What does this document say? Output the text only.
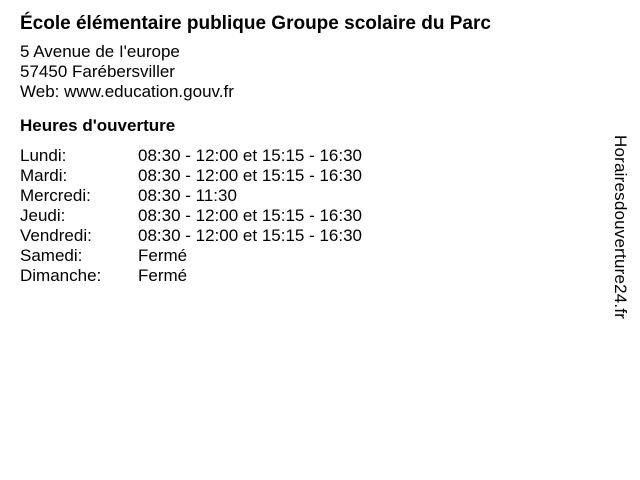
École élémentaire publique Groupe scolaire du Parc
5 Avenue de I'europe
57450 Farébersviller
Web: www.education.gouv.fr
Heures d'ouverture
Lundi:	08:30 - 12:00 et 15:15 - 16:30
Mardi:	08:30 - 12:00 et 15:15 - 16:30
Mercredi:	08:30 - 11:30
Jeudi:	08:30 - 12:00 et 15:15 - 16:30
Vendredi:	08:30 - 12:00 et 15:15 - 16:30
Samedi:	Fermé
Dimanche:	Fermé	Horairesdouverture24.fr
